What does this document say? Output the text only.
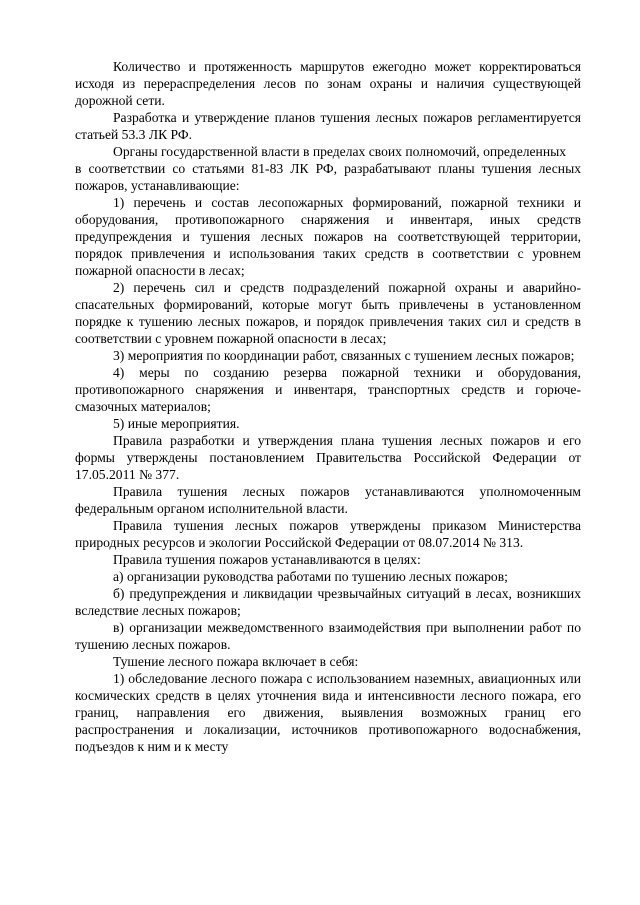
Количество и протяженность маршрутов ежегодно может корректироваться исходя из перераспределения лесов по зонам охраны и наличия существующей дорожной сети.

Разработка и утверждение планов тушения лесных пожаров регламентируется статьей 53.3 ЛК РФ.

Органы государственной власти в пределах своих полномочий, определенных

в соответствии со статьями 81-83 ЛК РФ, разрабатывают планы тушения лесных пожаров, устанавливающие:

1) перечень и состав лесопожарных формирований, пожарной техники и оборудования, противопожарного снаряжения и инвентаря, иных средств предупреждения и тушения лесных пожаров на соответствующей территории, порядок привлечения и использования таких средств в соответствии с уровнем пожарной опасности в лесах;

2) перечень сил и средств подразделений пожарной охраны и аварийно-спасательных формирований, которые могут быть привлечены в установленном порядке к тушению лесных пожаров, и порядок привлечения таких сил и средств в соответствии с уровнем пожарной опасности в лесах;

3) мероприятия по координации работ, связанных с тушением лесных пожаров;

4) меры по созданию резерва пожарной техники и оборудования, противопожарного снаряжения и инвентаря, транспортных средств и горюче-смазочных материалов;

5) иные мероприятия.

Правила разработки и утверждения плана тушения лесных пожаров и его формы утверждены постановлением Правительства Российской Федерации от 17.05.2011 № 377.

Правила тушения лесных пожаров устанавливаются уполномоченным федеральным органом исполнительной власти.

Правила тушения лесных пожаров утверждены приказом Министерства природных ресурсов и экологии Российской Федерации от 08.07.2014 № 313.

Правила тушения пожаров устанавливаются в целях:

а) организации руководства работами по тушению лесных пожаров;

б) предупреждения и ликвидации чрезвычайных ситуаций в лесах, возникших вследствие лесных пожаров;

в) организации межведомственного взаимодействия при выполнении работ по тушению лесных пожаров.

Тушение лесного пожара включает в себя:

1) обследование лесного пожара с использованием наземных, авиационных или космических средств в целях уточнения вида и интенсивности лесного пожара, его границ, направления его движения, выявления возможных границ его распространения и локализации, источников противопожарного водоснабжения, подъездов к ним и к месту
